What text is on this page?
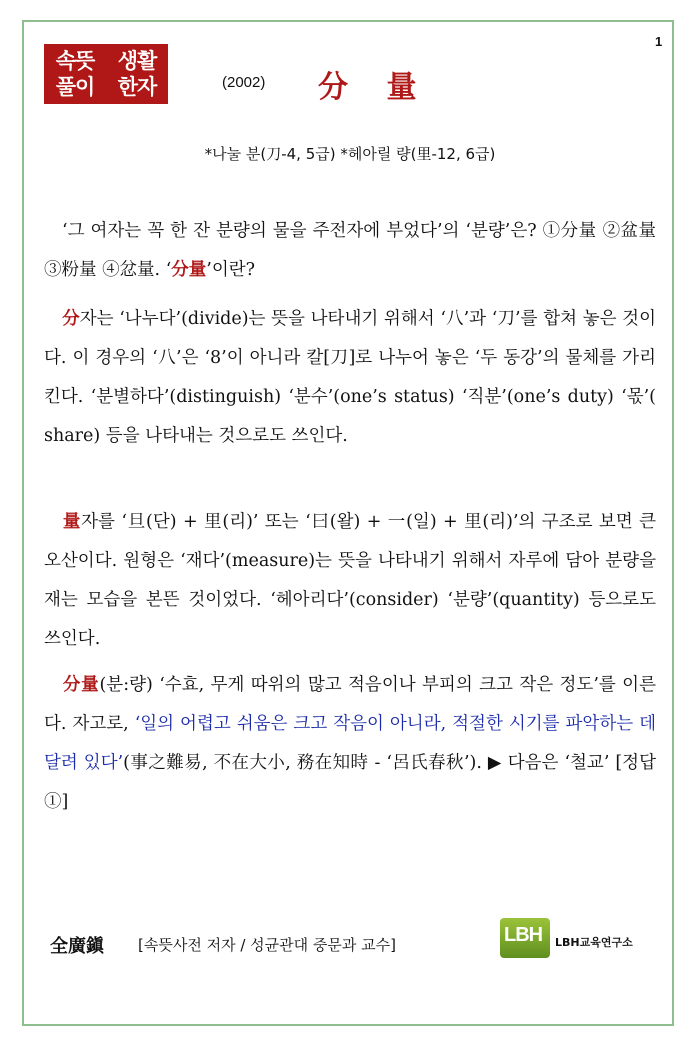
1
속뜻
풀이
생활
한자	(2002) 分 量
*나눌 분(刀-4, 5급) *헤아릴 량(里-12, 6급)
‘그 여자는 꼭 한 잔 분량의 물을 주전자에 부었다’의 ‘분량’은? ①分量 ②盆量 ③粉量 ④忿量. ‘分量’이란?
分자는 ‘나누다’(divide)는 뜻을 나타내기 위해서 ‘八’과 ‘刀’를 합쳐 놓은 것이다. 이 경우의 ‘八’은 ‘8’이 아니라 칼[刀]로 나누어 놓은 ‘두 동강’의 물체를 가리킨다. ‘분별하다’(distinguish) ‘분수’(one’s status) ‘직분’(one’s duty) ‘몫’( share) 등을 나타내는 것으로도 쓰인다.
量자를 ‘旦(단) + 里(리)’ 또는 ‘曰(왈) + 一(일) + 里(리)’의 구조로 보면 큰 오산이다. 원형은 ‘재다’(measure)는 뜻을 나타내기 위해서 자루에 담아 분량을 재는 모습을 본뜬 것이었다. ‘헤아리다’(consider) ‘분량’(quantity) 등으로도 쓰인다.
分量(분:량) ‘수효, 무게 따위의 많고 적음이나 부피의 크고 작은 정도’를 이른다. 자고로, ‘일의 어렵고 쉬움은 크고 작음이 아니라, 적절한 시기를 파악하는 데 달려 있다’(事之難易, 不在大小, 務在知時 - ‘呂氏春秋’). ▶ 다음은 ‘철교’ [정답 ①]
全廣鎭 [속뜻사전 저자 / 성균관대 중문과 교수]	LBH LBH교육연구소
